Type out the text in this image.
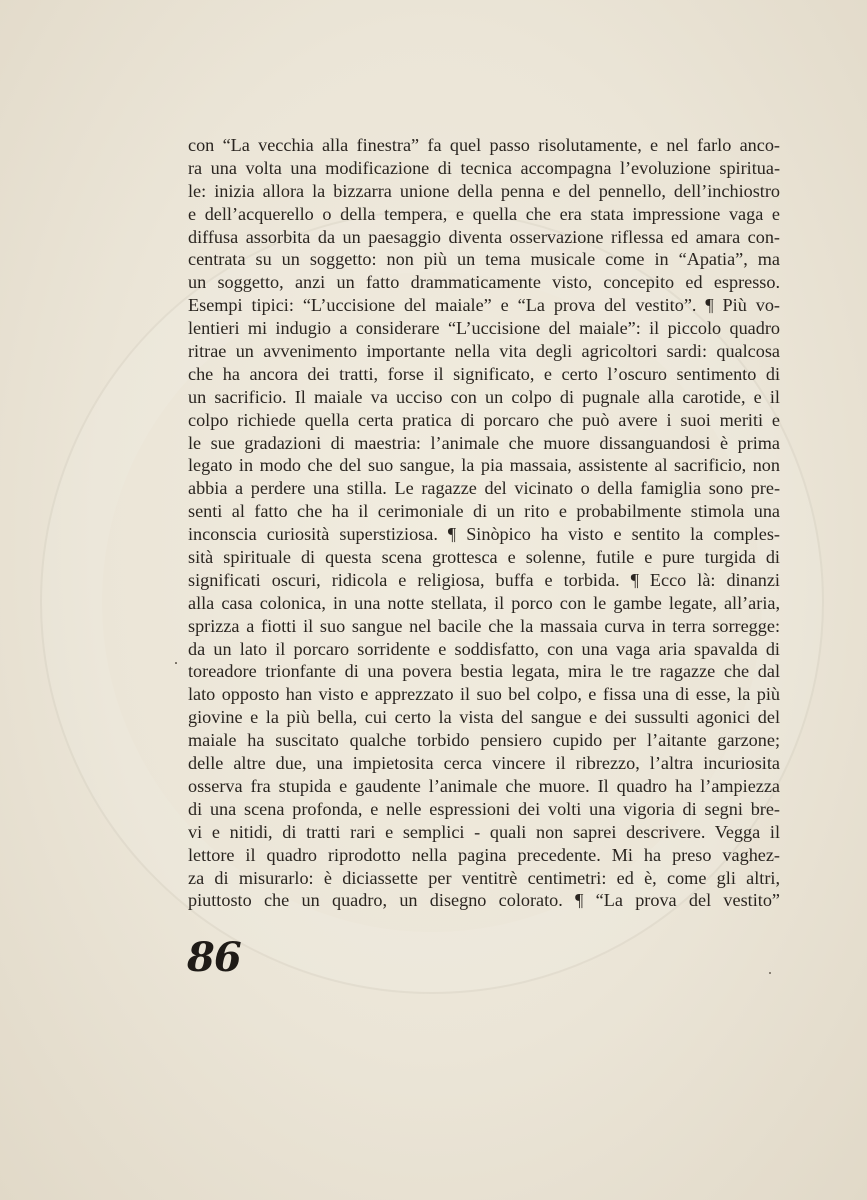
con “La vecchia alla finestra” fa quel passo risolutamente, e nel farlo anco-
ra una volta una modificazione di tecnica accompagna l’evoluzione spiritua-
le: inizia allora la bizzarra unione della penna e del pennello, dell’inchiostro
e dell’acquerello o della tempera, e quella che era stata impressione vaga e
diffusa assorbita da un paesaggio diventa osservazione riflessa ed amara con-
centrata su un soggetto: non più un tema musicale come in “Apatia”, ma
un soggetto, anzi un fatto drammaticamente visto, concepito ed espresso.
Esempi tipici: “L’uccisione del maiale” e “La prova del vestito”. ¶ Più vo-
lentieri mi indugio a considerare “L’uccisione del maiale”: il piccolo quadro
ritrae un avvenimento importante nella vita degli agricoltori sardi: qualcosa
che ha ancora dei tratti, forse il significato, e certo l’oscuro sentimento di
un sacrificio. Il maiale va ucciso con un colpo di pugnale alla carotide, e il
colpo richiede quella certa pratica di porcaro che può avere i suoi meriti e
le sue gradazioni di maestria: l’animale che muore dissanguandosi è prima
legato in modo che del suo sangue, la pia massaia, assistente al sacrificio, non
abbia a perdere una stilla. Le ragazze del vicinato o della famiglia sono pre-
senti al fatto che ha il cerimoniale di un rito e probabilmente stimola una
inconscia curiosità superstiziosa. ¶ Sinòpico ha visto e sentito la comples-
sità spirituale di questa scena grottesca e solenne, futile e pure turgida di
significati oscuri, ridicola e religiosa, buffa e torbida. ¶ Ecco là: dinanzi
alla casa colonica, in una notte stellata, il porco con le gambe legate, all’aria,
sprizza a fiotti il suo sangue nel bacile che la massaia curva in terra sorregge:
da un lato il porcaro sorridente e soddisfatto, con una vaga aria spavalda di
toreadore trionfante di una povera bestia legata, mira le tre ragazze che dal
lato opposto han visto e apprezzato il suo bel colpo, e fissa una di esse, la più
giovine e la più bella, cui certo la vista del sangue e dei sussulti agonici del
maiale ha suscitato qualche torbido pensiero cupido per l’aitante garzone;
delle altre due, una impietosita cerca vincere il ribrezzo, l’altra incuriosita
osserva fra stupida e gaudente l’animale che muore. Il quadro ha l’ampiezza
di una scena profonda, e nelle espressioni dei volti una vigoria di segni bre-
vi e nitidi, di tratti rari e semplici - quali non saprei descrivere. Vegga il
lettore il quadro riprodotto nella pagina precedente. Mi ha preso vaghez-
za di misurarlo: è diciassette per ventitrè centimetri: ed è, come gli altri,
piuttosto che un quadro, un disegno colorato. ¶ “La prova del vestito”
86
